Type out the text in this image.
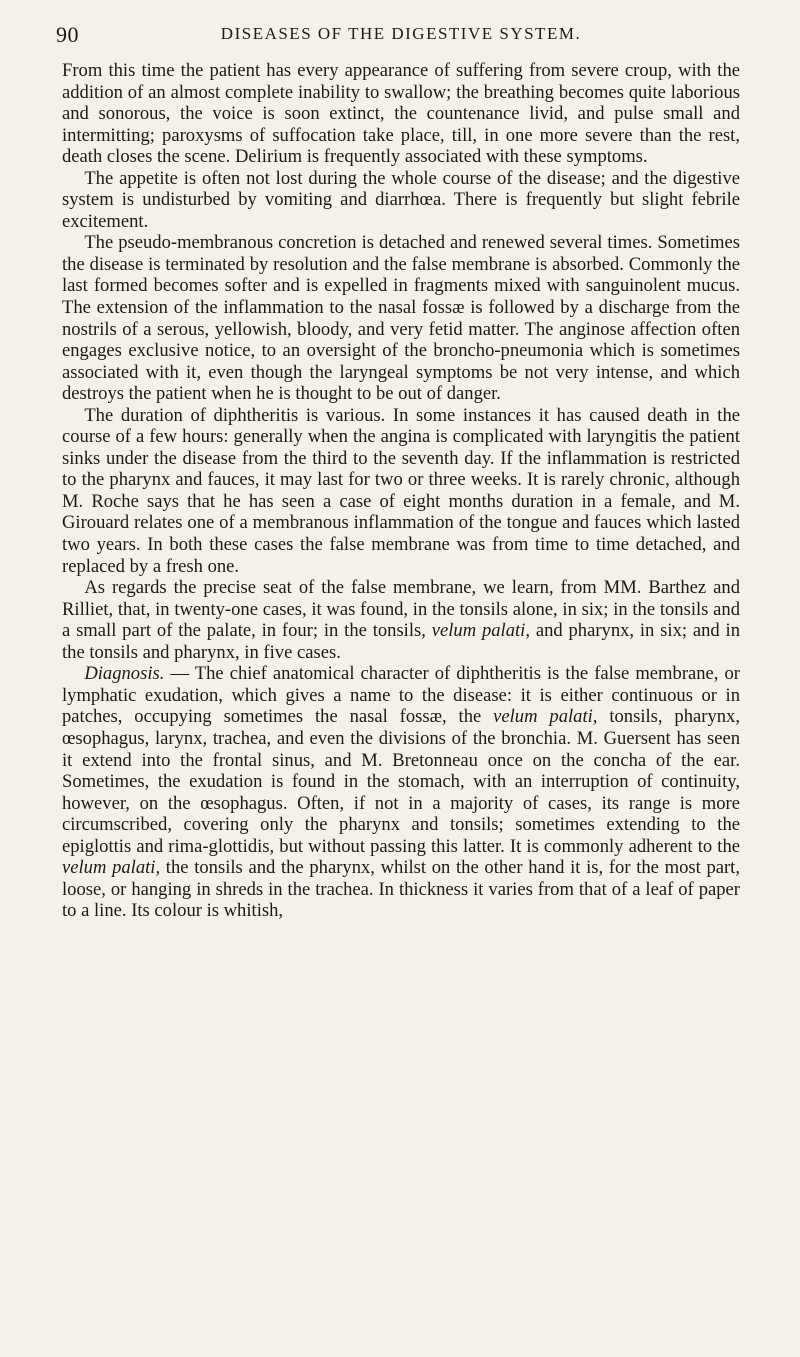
90	DISEASES OF THE DIGESTIVE SYSTEM.

From this time the patient has every appearance of suffering from severe croup, with the addition of an almost complete inability to swallow; the breathing becomes quite laborious and sonorous, the voice is soon extinct, the countenance livid, and pulse small and intermitting; paroxysms of suffocation take place, till, in one more severe than the rest, death closes the scene. Delirium is frequently associated with these symptoms.

The appetite is often not lost during the whole course of the disease; and the digestive system is undisturbed by vomiting and diarrhœa. There is frequently but slight febrile excitement.

The pseudo-membranous concretion is detached and renewed several times. Sometimes the disease is terminated by resolution and the false membrane is absorbed. Commonly the last formed becomes softer and is expelled in fragments mixed with sanguinolent mucus. The extension of the inflammation to the nasal fossæ is followed by a discharge from the nostrils of a serous, yellowish, bloody, and very fetid matter. The anginose affection often engages exclusive notice, to an oversight of the broncho-pneumonia which is sometimes associated with it, even though the laryngeal symptoms be not very intense, and which destroys the patient when he is thought to be out of danger.

The duration of diphtheritis is various. In some instances it has caused death in the course of a few hours: generally when the angina is complicated with laryngitis the patient sinks under the disease from the third to the seventh day. If the inflammation is restricted to the pharynx and fauces, it may last for two or three weeks. It is rarely chronic, although M. Roche says that he has seen a case of eight months duration in a female, and M. Girouard relates one of a membranous inflammation of the tongue and fauces which lasted two years. In both these cases the false membrane was from time to time detached, and replaced by a fresh one.

As regards the precise seat of the false membrane, we learn, from MM. Barthez and Rilliet, that, in twenty-one cases, it was found, in the tonsils alone, in six; in the tonsils and a small part of the palate, in four; in the tonsils, velum palati, and pharynx, in six; and in the tonsils and pharynx, in five cases.

Diagnosis. — The chief anatomical character of diphtheritis is the false membrane, or lymphatic exudation, which gives a name to the disease: it is either continuous or in patches, occupying sometimes the nasal fossæ, the velum palati, tonsils, pharynx, œsophagus, larynx, trachea, and even the divisions of the bronchia. M. Guersent has seen it extend into the frontal sinus, and M. Bretonneau once on the concha of the ear. Sometimes, the exudation is found in the stomach, with an interruption of continuity, however, on the œsophagus. Often, if not in a majority of cases, its range is more circumscribed, covering only the pharynx and tonsils; sometimes extending to the epiglottis and rima-glottidis, but without passing this latter. It is commonly adherent to the velum palati, the tonsils and the pharynx, whilst on the other hand it is, for the most part, loose, or hanging in shreds in the trachea. In thickness it varies from that of a leaf of paper to a line. Its colour is whitish,
